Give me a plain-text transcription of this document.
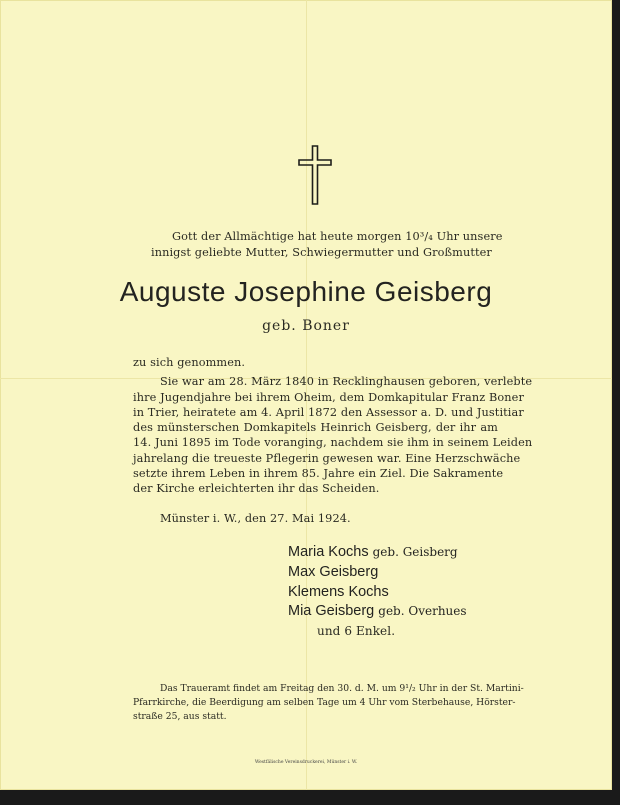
Gott der Allmächtige hat heute morgen 10³/₄ Uhr unsere
innigst geliebte Mutter, Schwiegermutter und Großmutter
Auguste Josephine Geisberg
geb. Boner
zu sich genommen.
Sie war am 28. März 1840 in Recklinghausen geboren, verlebte
ihre Jugendjahre bei ihrem Oheim, dem Domkapitular Franz Boner
in Trier, heiratete am 4. April 1872 den Assessor a. D. und Justitiar
des münsterschen Domkapitels Heinrich Geisberg, der ihr am
14. Juni 1895 im Tode voranging, nachdem sie ihm in seinem Leiden
jahrelang die treueste Pflegerin gewesen war. Eine Herzschwäche
setzte ihrem Leben in ihrem 85. Jahre ein Ziel. Die Sakramente
der Kirche erleichterten ihr das Scheiden.
Münster i. W., den 27. Mai 1924.
Maria Kochs geb. Geisberg
Max Geisberg
Klemens Kochs
Mia Geisberg geb. Overhues
und 6 Enkel.
Das Traueramt findet am Freitag den 30. d. M. um 9¹/₂ Uhr in der St. Martini-
Pfarrkirche, die Beerdigung am selben Tage um 4 Uhr vom Sterbehause, Hörster-
straße 25, aus statt.
Westfälische Vereinsdruckerei, Münster i. W.
